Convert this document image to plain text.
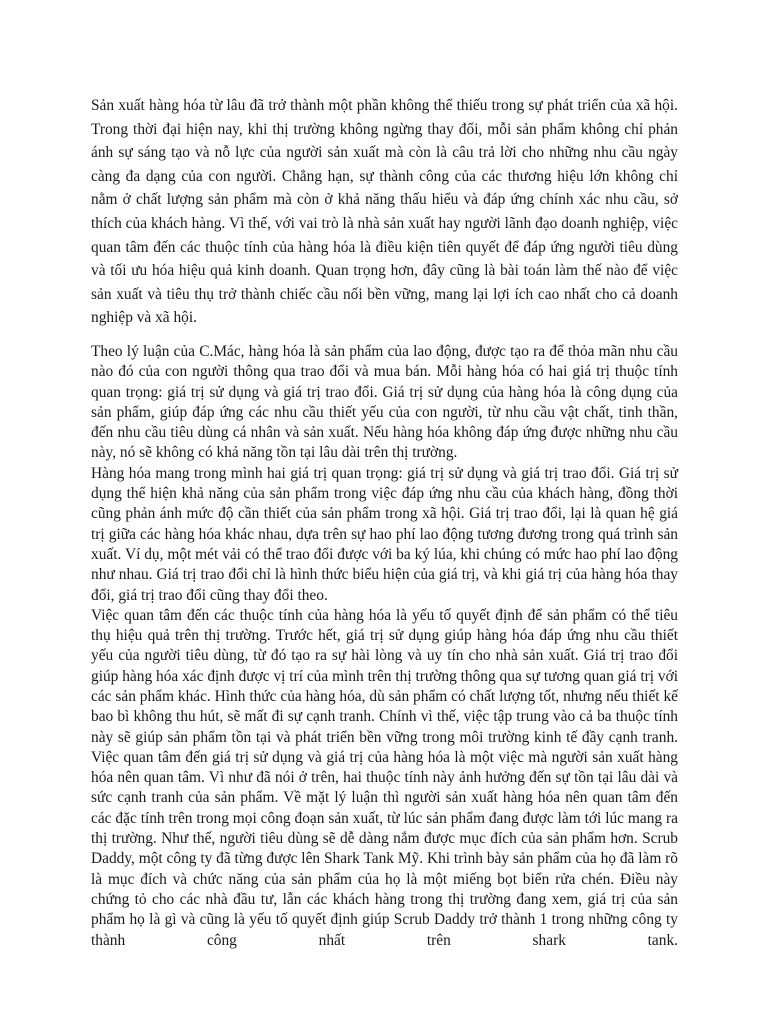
Sản xuất hàng hóa từ lâu đã trở thành một phần không thể thiếu trong sự phát triển của xã hội. Trong thời đại hiện nay, khi thị trường không ngừng thay đổi, mỗi sản phẩm không chỉ phản ánh sự sáng tạo và nỗ lực của người sản xuất mà còn là câu trả lời cho những nhu cầu ngày càng đa dạng của con người. Chẳng hạn, sự thành công của các thương hiệu lớn không chỉ nằm ở chất lượng sản phẩm mà còn ở khả năng thấu hiểu và đáp ứng chính xác nhu cầu, sở thích của khách hàng. Vì thế, với vai trò là nhà sản xuất hay người lãnh đạo doanh nghiệp, việc quan tâm đến các thuộc tính của hàng hóa là điều kiện tiên quyết để đáp ứng người tiêu dùng và tối ưu hóa hiệu quả kinh doanh. Quan trọng hơn, đây cũng là bài toán làm thế nào để việc sản xuất và tiêu thụ trở thành chiếc cầu nối bền vững, mang lại lợi ích cao nhất cho cả doanh nghiệp và xã hội.

Theo lý luận của C.Mác, hàng hóa là sản phẩm của lao động, được tạo ra để thỏa mãn nhu cầu nào đó của con người thông qua trao đổi và mua bán. Mỗi hàng hóa có hai giá trị thuộc tính quan trọng: giá trị sử dụng và giá trị trao đổi. Giá trị sử dụng của hàng hóa là công dụng của sản phẩm, giúp đáp ứng các nhu cầu thiết yếu của con người, từ nhu cầu vật chất, tinh thần, đến nhu cầu tiêu dùng cá nhân và sản xuất. Nếu hàng hóa không đáp ứng được những nhu cầu này, nó sẽ không có khả năng tồn tại lâu dài trên thị trường.

Hàng hóa mang trong mình hai giá trị quan trọng: giá trị sử dụng và giá trị trao đổi. Giá trị sử dụng thể hiện khả năng của sản phẩm trong việc đáp ứng nhu cầu của khách hàng, đồng thời cũng phản ánh mức độ cần thiết của sản phẩm trong xã hội. Giá trị trao đổi, lại là quan hệ giá trị giữa các hàng hóa khác nhau, dựa trên sự hao phí lao động tương đương trong quá trình sản xuất. Ví dụ, một mét vải có thể trao đổi được với ba ký lúa, khi chúng có mức hao phí lao động như nhau. Giá trị trao đổi chỉ là hình thức biểu hiện của giá trị, và khi giá trị của hàng hóa thay đổi, giá trị trao đổi cũng thay đổi theo.

Việc quan tâm đến các thuộc tính của hàng hóa là yếu tố quyết định để sản phẩm có thể tiêu thụ hiệu quả trên thị trường. Trước hết, giá trị sử dụng giúp hàng hóa đáp ứng nhu cầu thiết yếu của người tiêu dùng, từ đó tạo ra sự hài lòng và uy tín cho nhà sản xuất. Giá trị trao đổi giúp hàng hóa xác định được vị trí của mình trên thị trường thông qua sự tương quan giá trị với các sản phẩm khác. Hình thức của hàng hóa, dù sản phẩm có chất lượng tốt, nhưng nếu thiết kế bao bì không thu hút, sẽ mất đi sự cạnh tranh. Chính vì thế, việc tập trung vào cả ba thuộc tính này sẽ giúp sản phẩm tồn tại và phát triển bền vững trong môi trường kinh tế đầy cạnh tranh. Việc quan tâm đến giá trị sử dụng và giá trị của hàng hóa là một việc mà người sản xuất hàng hóa nên quan tâm. Vì như đã nói ở trên, hai thuộc tính này ảnh hưởng đến sự tồn tại lâu dài và sức cạnh tranh của sản phẩm. Về mặt lý luận thì người sản xuất hàng hóa nên quan tâm đến các đặc tính trên trong mọi công đoạn sản xuất, từ lúc sản phẩm đang được làm tới lúc mang ra thị trường. Như thế, người tiêu dùng sẽ dễ dàng nắm được mục đích của sản phẩm hơn. Scrub Daddy, một công ty đã từng được lên Shark Tank Mỹ. Khi trình bày sản phẩm của họ đã làm rõ là mục đích và chức năng của sản phẩm của họ là một miếng bọt biển rửa chén. Điều này chứng tỏ cho các nhà đầu tư, lẫn các khách hàng trong thị trường đang xem, giá trị của sản phẩm họ là gì và cũng là yếu tố quyết định giúp Scrub Daddy trở thành 1 trong những công ty thành công nhất trên shark tank.
